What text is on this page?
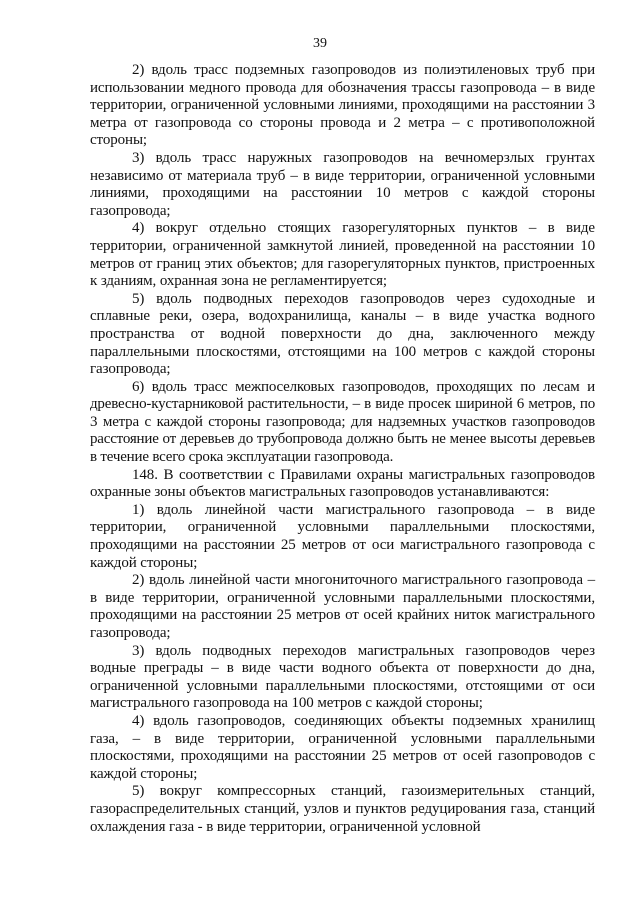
39

2) вдоль трасс подземных газопроводов из полиэтиленовых труб при использовании медного провода для обозначения трассы газопровода – в виде территории, ограниченной условными линиями, проходящими на расстоянии 3 метра от газопровода со стороны провода и 2 метра – с противоположной стороны;

3) вдоль трасс наружных газопроводов на вечномерзлых грунтах независимо от материала труб – в виде территории, ограниченной условными линиями, проходящими на расстоянии 10 метров с каждой стороны газопровода;

4) вокруг отдельно стоящих газорегуляторных пунктов – в виде территории, ограниченной замкнутой линией, проведенной на расстоянии 10 метров от границ этих объектов; для газорегуляторных пунктов, пристроенных к зданиям, охранная зона не регламентируется;

5) вдоль подводных переходов газопроводов через судоходные и сплавные реки, озера, водохранилища, каналы – в виде участка водного пространства от водной поверхности до дна, заключенного между параллельными плоскостями, отстоящими на 100 метров с каждой стороны газопровода;

6) вдоль трасс межпоселковых газопроводов, проходящих по лесам и древесно-кустарниковой растительности, – в виде просек шириной 6 метров, по 3 метра с каждой стороны газопровода; для надземных участков газопроводов расстояние от деревьев до трубопровода должно быть не менее высоты деревьев в течение всего срока эксплуатации газопровода.

148. В соответствии с Правилами охраны магистральных газопроводов охранные зоны объектов магистральных газопроводов устанавливаются:

1) вдоль линейной части магистрального газопровода – в виде территории, ограниченной условными параллельными плоскостями, проходящими на расстоянии 25 метров от оси магистрального газопровода с каждой стороны;

2) вдоль линейной части многониточного магистрального газопровода – в виде территории, ограниченной условными параллельными плоскостями, проходящими на расстоянии 25 метров от осей крайних ниток магистрального газопровода;

3) вдоль подводных переходов магистральных газопроводов через водные преграды – в виде части водного объекта от поверхности до дна, ограниченной условными параллельными плоскостями, отстоящими от оси магистрального газопровода на 100 метров с каждой стороны;

4) вдоль газопроводов, соединяющих объекты подземных хранилищ газа, – в виде территории, ограниченной условными параллельными плоскостями, проходящими на расстоянии 25 метров от осей газопроводов с каждой стороны;

5) вокруг компрессорных станций, газоизмерительных станций, газораспределительных станций, узлов и пунктов редуцирования газа, станций охлаждения газа - в виде территории, ограниченной условной
